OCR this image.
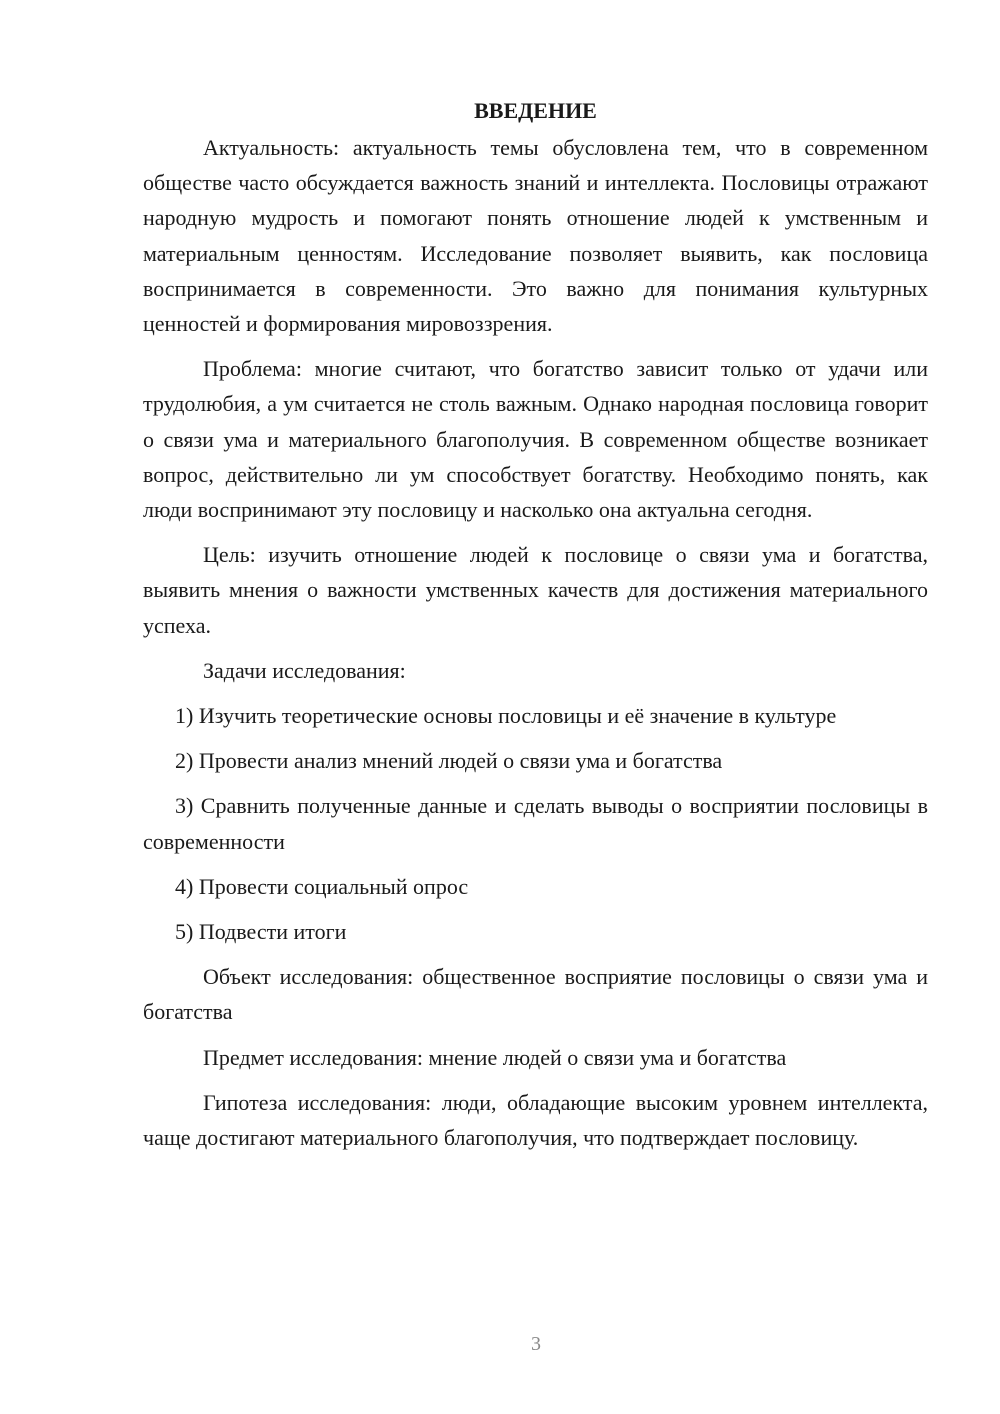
ВВЕДЕНИЕ

Актуальность: актуальность темы обусловлена тем, что в современном обществе часто обсуждается важность знаний и интеллекта. Пословицы отражают народную мудрость и помогают понять отношение людей к умственным и материальным ценностям. Исследование позволяет выявить, как пословица воспринимается в современности. Это важно для понимания культурных ценностей и формирования мировоззрения.

Проблема: многие считают, что богатство зависит только от удачи или трудолюбия, а ум считается не столь важным. Однако народная пословица говорит о связи ума и материального благополучия. В современном обществе возникает вопрос, действительно ли ум способствует богатству. Необходимо понять, как люди воспринимают эту пословицу и насколько она актуальна сегодня.

Цель: изучить отношение людей к пословице о связи ума и богатства, выявить мнения о важности умственных качеств для достижения материального успеха.

Задачи исследования:

1) Изучить теоретические основы пословицы и её значение в культуре

2) Провести анализ мнений людей о связи ума и богатства

3) Сравнить полученные данные и сделать выводы о восприятии пословицы в современности

4) Провести социальный опрос

5) Подвести итоги

Объект исследования: общественное восприятие пословицы о связи ума и богатства

Предмет исследования: мнение людей о связи ума и богатства

Гипотеза исследования: люди, обладающие высоким уровнем интеллекта, чаще достигают материального благополучия, что подтверждает пословицу.

3
